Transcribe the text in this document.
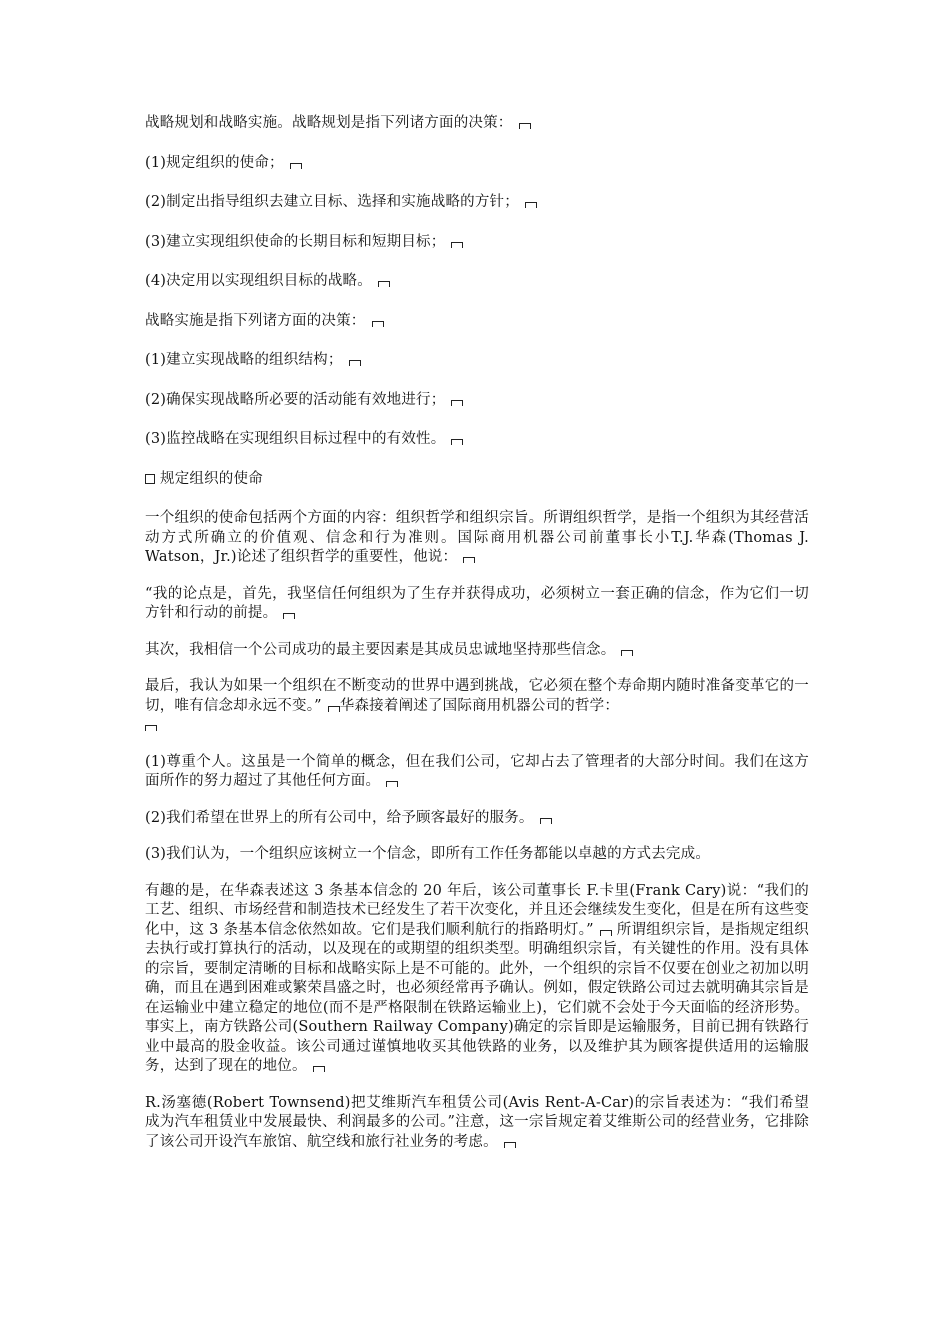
战略规划和战略实施。战略规划是指下列诸方面的决策：

(1)规定组织的使命；

(2)制定出指导组织去建立目标、选择和实施战略的方针；

(3)建立实现组织使命的长期目标和短期目标；

(4)决定用以实现组织目标的战略。

战略实施是指下列诸方面的决策：

(1)建立实现战略的组织结构；

(2)确保实现战略所必要的活动能有效地进行；

(3)监控战略在实现组织目标过程中的有效性。

规定组织的使命

一个组织的使命包括两个方面的内容：组织哲学和组织宗旨。所谓组织哲学，是指一个组织为其经营活动方式所确立的价值观、信念和行为准则。国际商用机器公司前董事长小T.J.华森(Thomas J. Watson，Jr.)论述了组织哲学的重要性，他说：

“我的论点是，首先，我坚信任何组织为了生存并获得成功，必须树立一套正确的信念，作为它们一切方针和行动的前提。

其次，我相信一个公司成功的最主要因素是其成员忠诚地坚持那些信念。

最后，我认为如果一个组织在不断变动的世界中遇到挑战，它必须在整个寿命期内随时准备变革它的一切，唯有信念却永远不变。” 华森接着阐述了国际商用机器公司的哲学：

(1)尊重个人。这虽是一个简单的概念，但在我们公司，它却占去了管理者的大部分时间。我们在这方面所作的努力超过了其他任何方面。

(2)我们希望在世界上的所有公司中，给予顾客最好的服务。

(3)我们认为，一个组织应该树立一个信念，即所有工作任务都能以卓越的方式去完成。

有趣的是，在华森表述这 3 条基本信念的 20 年后，该公司董事长 F.卡里(Frank Cary)说：“我们的工艺、组织、市场经营和制造技术已经发生了若干次变化，并且还会继续发生变化，但是在所有这些变化中，这 3 条基本信念依然如故。它们是我们顺利航行的指路明灯。” 所谓组织宗旨，是指规定组织去执行或打算执行的活动，以及现在的或期望的组织类型。明确组织宗旨，有关键性的作用。没有具体的宗旨，要制定清晰的目标和战略实际上是不可能的。此外，一个组织的宗旨不仅要在创业之初加以明确，而且在遇到困难或繁荣昌盛之时，也必须经常再予确认。例如，假定铁路公司过去就明确其宗旨是在运输业中建立稳定的地位(而不是严格限制在铁路运输业上)，它们就不会处于今天面临的经济形势。事实上，南方铁路公司(Southern Railway Company)确定的宗旨即是运输服务，目前已拥有铁路行业中最高的股金收益。该公司通过谨慎地收买其他铁路的业务，以及维护其为顾客提供适用的运输服务，达到了现在的地位。

R.汤塞德(Robert Townsend)把艾维斯汽车租赁公司(Avis Rent-A-Car)的宗旨表述为：“我们希望成为汽车租赁业中发展最快、利润最多的公司。”注意，这一宗旨规定着艾维斯公司的经营业务，它排除了该公司开设汽车旅馆、航空线和旅行社业务的考虑。
